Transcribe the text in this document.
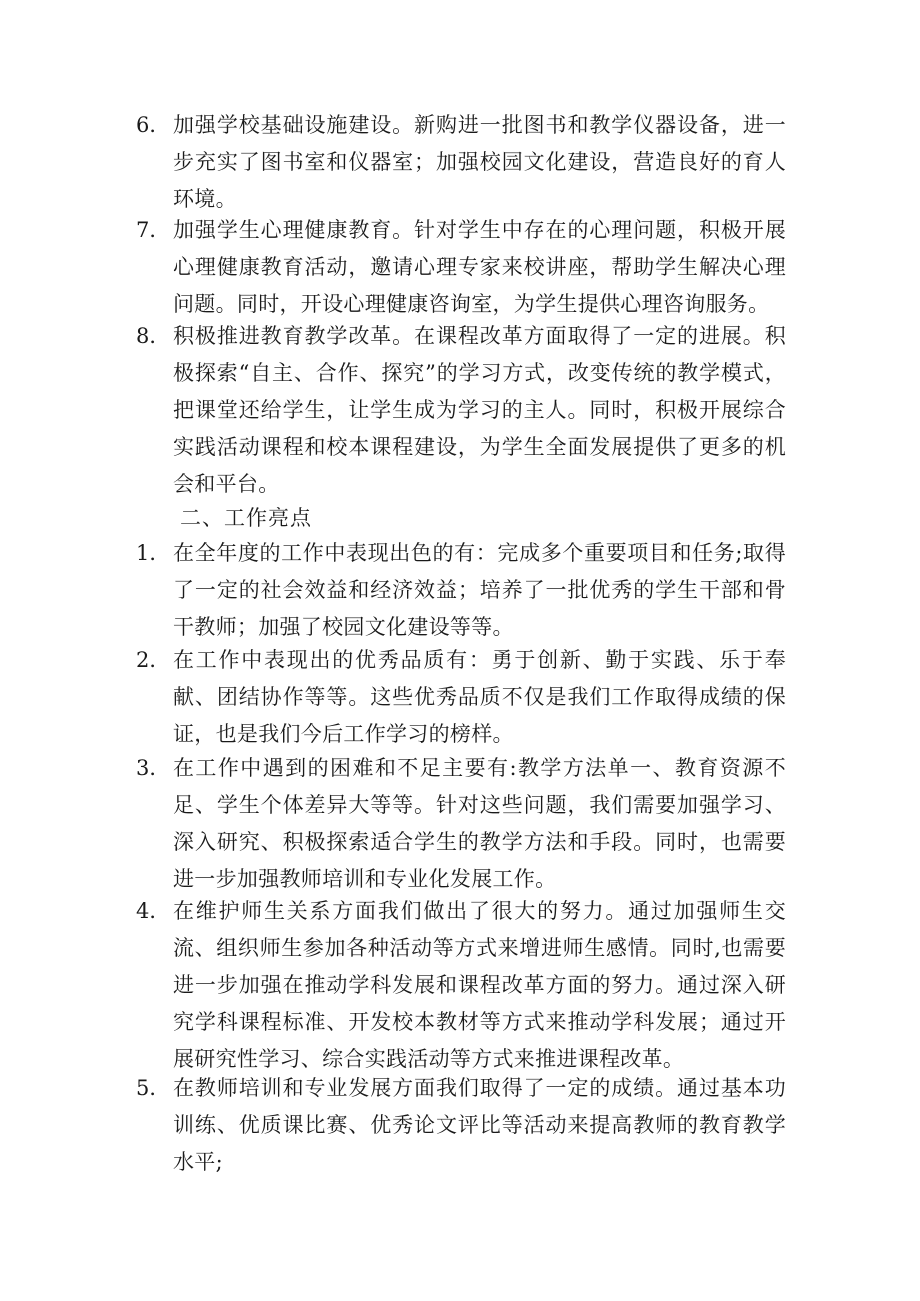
6． 加强学校基础设施建设。新购进一批图书和教学仪器设备，进一步充实了图书室和仪器室；加强校园文化建设，营造良好的育人环境。
7． 加强学生心理健康教育。针对学生中存在的心理问题，积极开展心理健康教育活动，邀请心理专家来校讲座，帮助学生解决心理问题。同时，开设心理健康咨询室，为学生提供心理咨询服务。
8． 积极推进教育教学改革。在课程改革方面取得了一定的进展。积极探索“自主、合作、探究”的学习方式，改变传统的教学模式，把课堂还给学生，让学生成为学习的主人。同时，积极开展综合实践活动课程和校本课程建设，为学生全面发展提供了更多的机会和平台。
二、工作亮点
1． 在全年度的工作中表现出色的有：完成多个重要项目和任务;取得了一定的社会效益和经济效益；培养了一批优秀的学生干部和骨干教师；加强了校园文化建设等等。
2． 在工作中表现出的优秀品质有：勇于创新、勤于实践、乐于奉献、团结协作等等。这些优秀品质不仅是我们工作取得成绩的保证，也是我们今后工作学习的榜样。
3． 在工作中遇到的困难和不足主要有:教学方法单一、教育资源不足、学生个体差异大等等。针对这些问题，我们需要加强学习、深入研究、积极探索适合学生的教学方法和手段。同时，也需要进一步加强教师培训和专业化发展工作。
4． 在维护师生关系方面我们做出了很大的努力。通过加强师生交流、组织师生参加各种活动等方式来增进师生感情。同时,也需要进一步加强在推动学科发展和课程改革方面的努力。通过深入研究学科课程标准、开发校本教材等方式来推动学科发展；通过开展研究性学习、综合实践活动等方式来推进课程改革。
5． 在教师培训和专业发展方面我们取得了一定的成绩。通过基本功训练、优质课比赛、优秀论文评比等活动来提高教师的教育教学水平;
